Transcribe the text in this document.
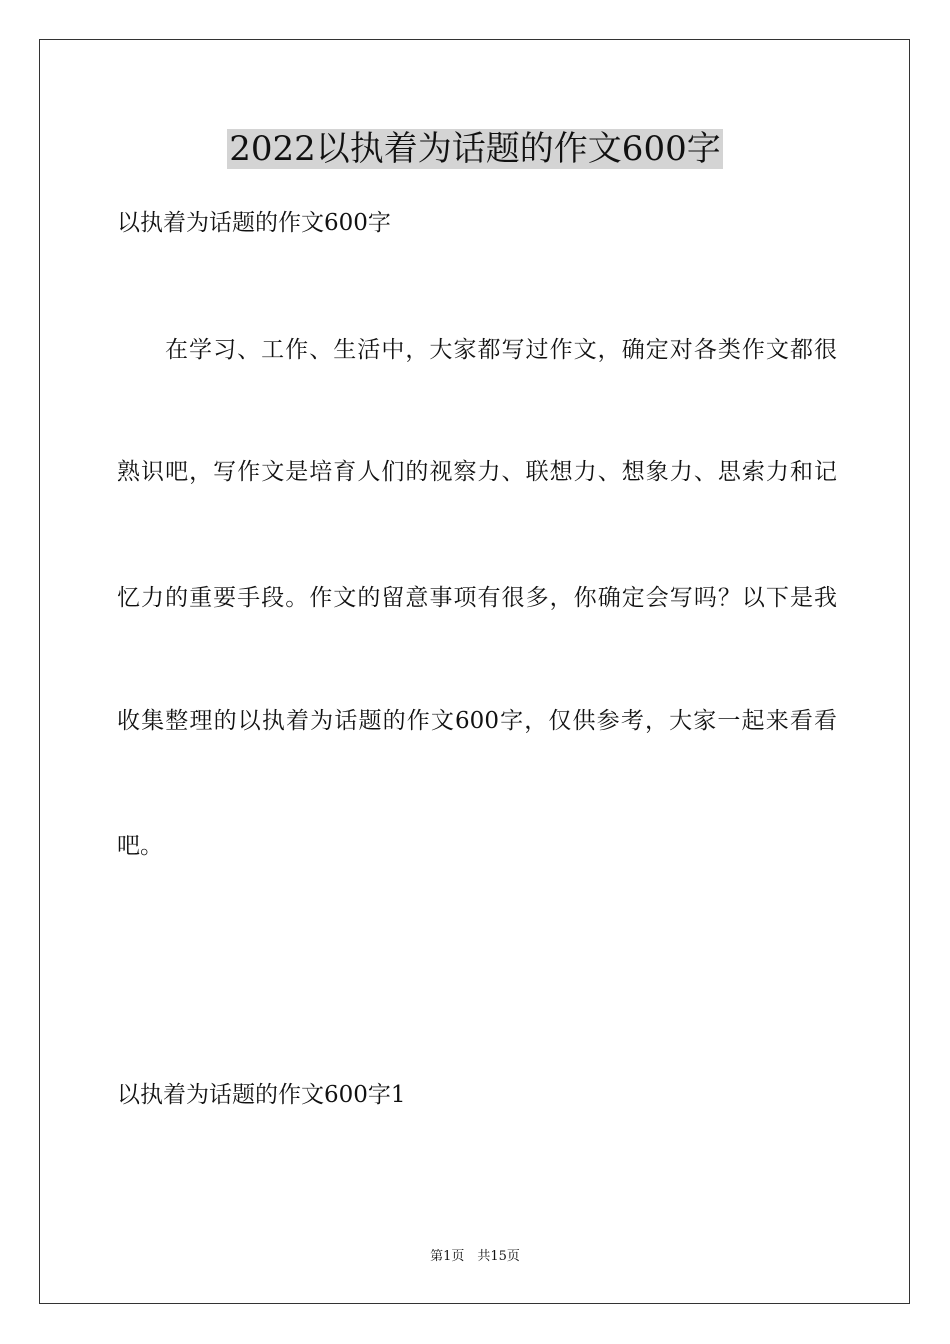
2022以执着为话题的作文600字

以执着为话题的作文600字

在学习、工作、生活中，大家都写过作文，确定对各类作文都很

熟识吧，写作文是培育人们的视察力、联想力、想象力、思索力和记

忆力的重要手段。作文的留意事项有很多，你确定会写吗？以下是我

收集整理的以执着为话题的作文600字，仅供参考，大家一起来看看

吧。

以执着为话题的作文600字1

第1页　共15页
